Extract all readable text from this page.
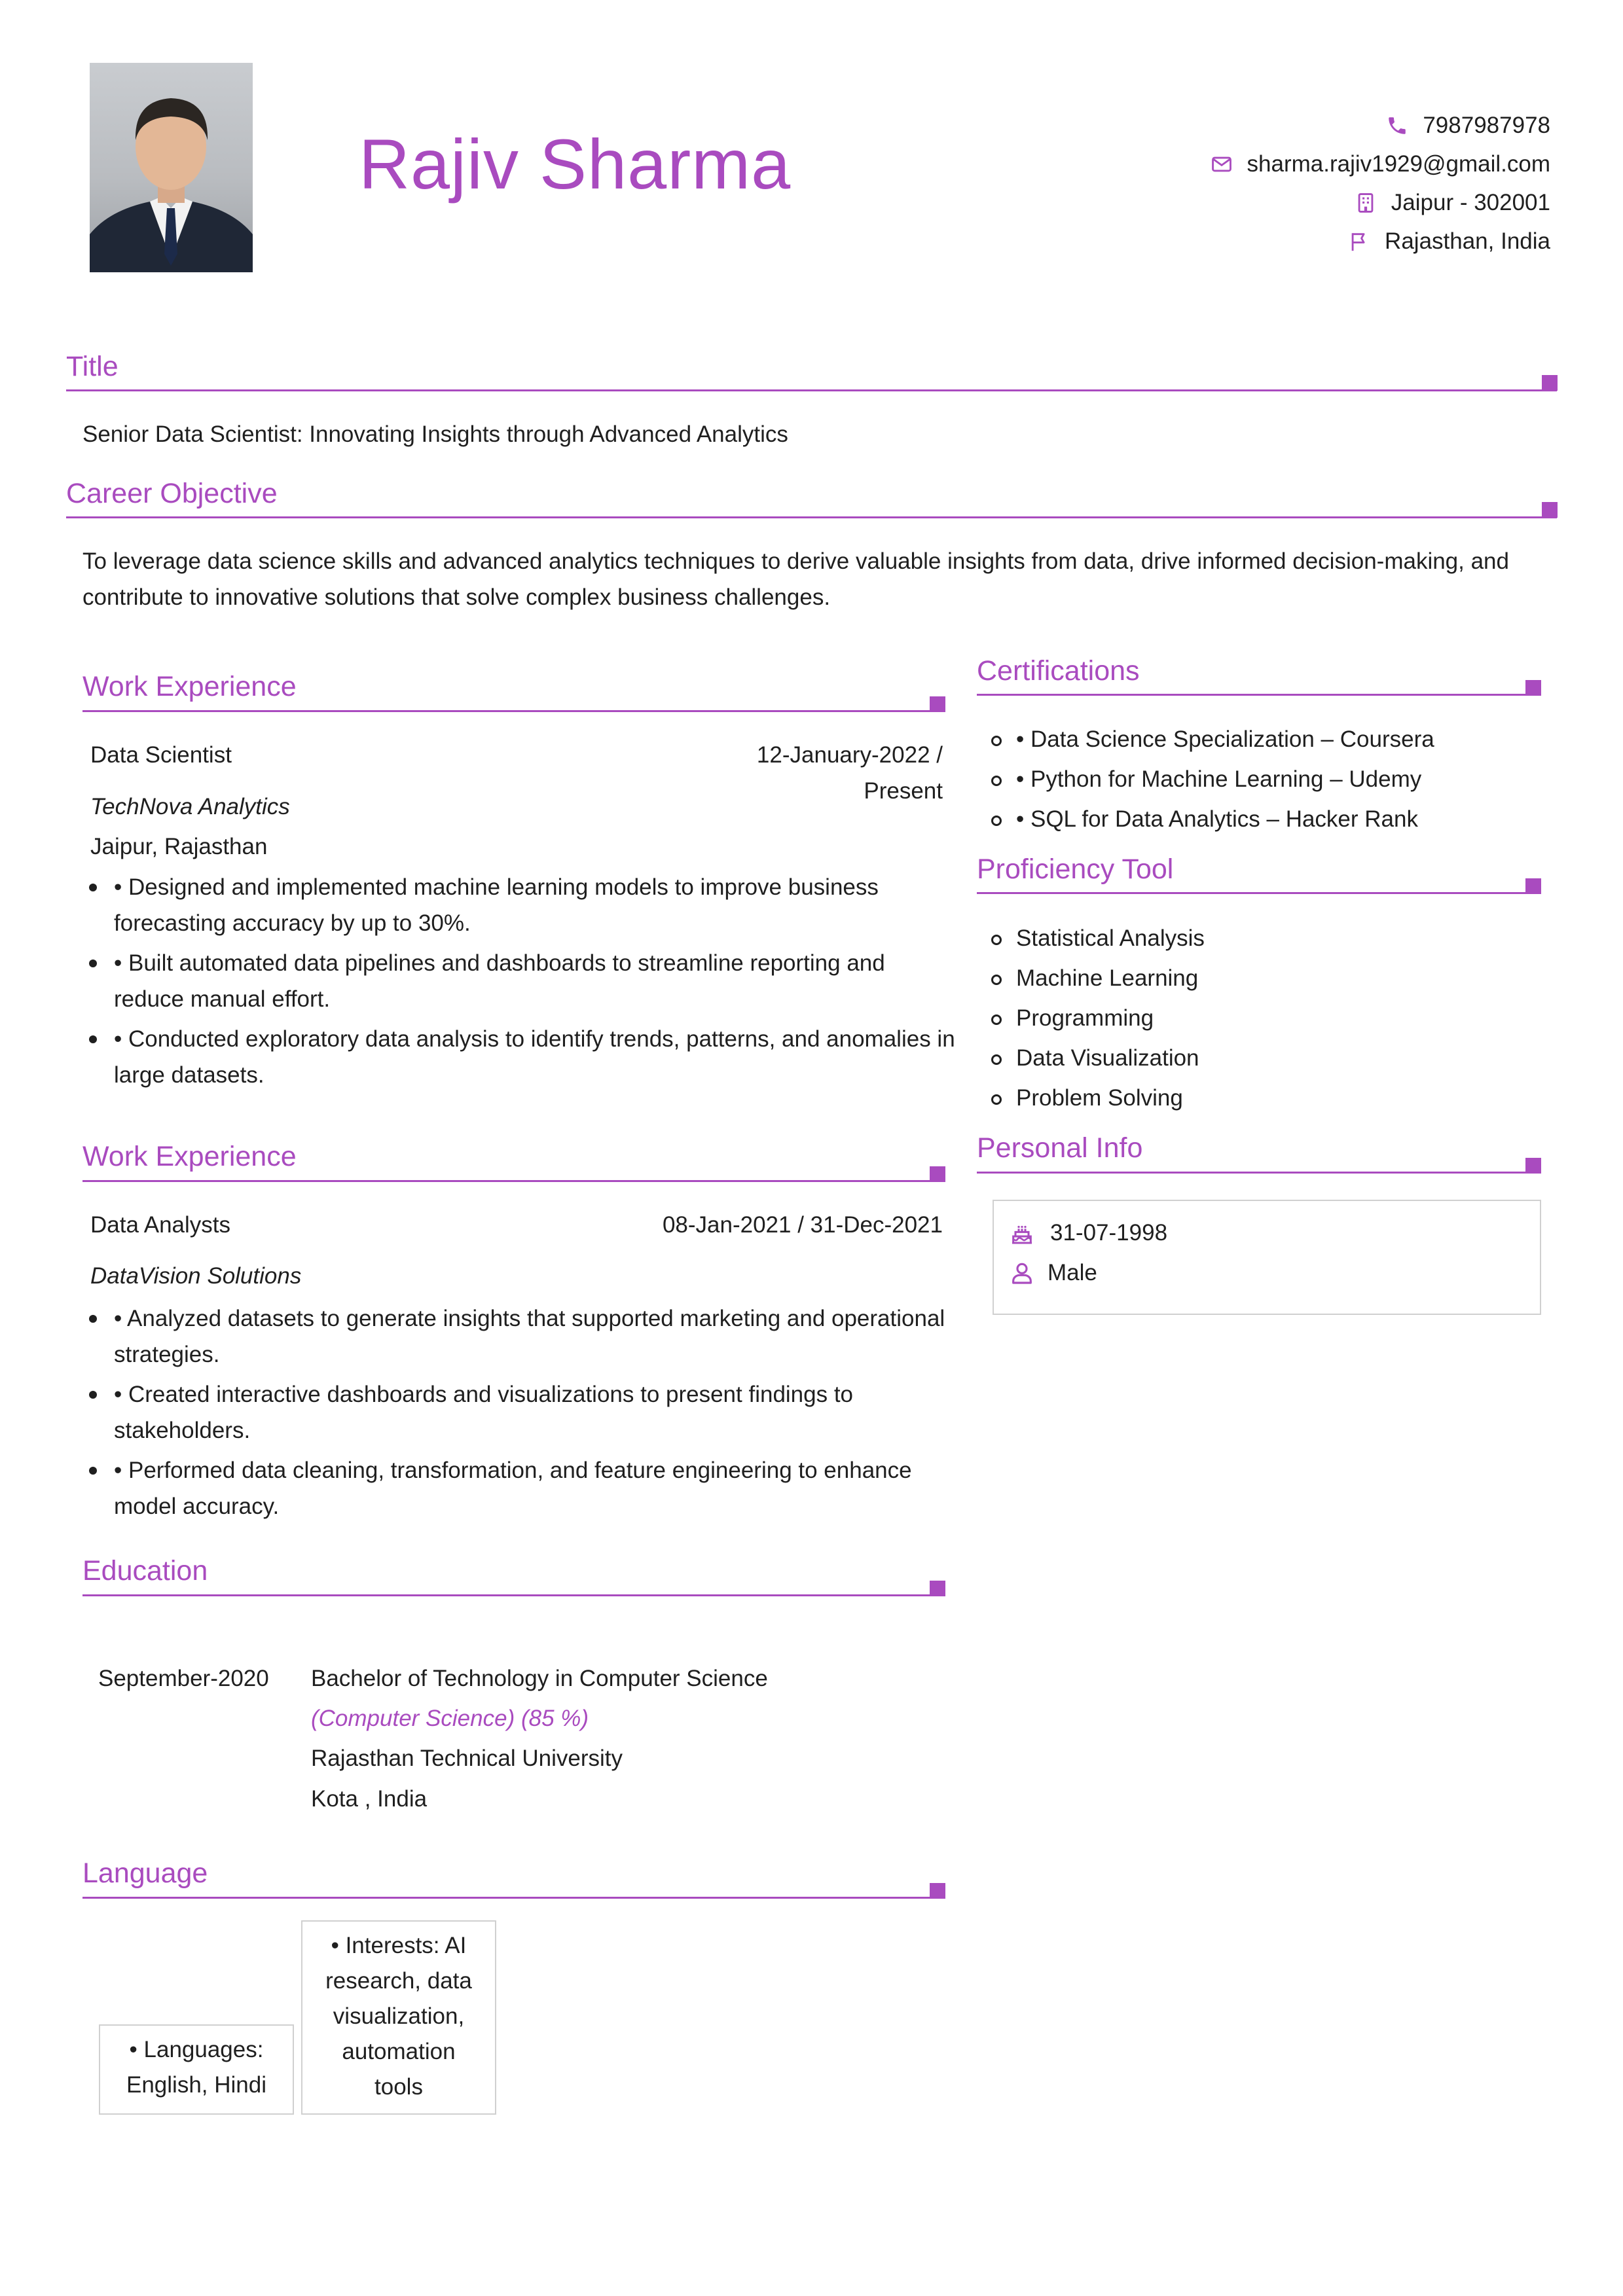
Rajiv Sharma	7987987978
sharma.rajiv1929@gmail.com
Jaipur - 302001
Rajasthan, India
Title
Senior Data Scientist: Innovating Insights through Advanced Analytics
Career Objective
To leverage data science skills and advanced analytics techniques to derive valuable insights from data, drive informed decision-making, and
contribute to innovative solutions that solve complex business challenges.
Work Experience
Data Scientist	12-January-2022 / Present
TechNova Analytics
Jaipur, Rajasthan
• Designed and implemented machine learning models to improve business
forecasting accuracy by up to 30%.
• Built automated data pipelines and dashboards to streamline reporting and
reduce manual effort.
• Conducted exploratory data analysis to identify trends, patterns, and anomalies in
large datasets.
Work Experience
Data Analysts	08-Jan-2021 / 31-Dec-2021
DataVision Solutions
• Analyzed datasets to generate insights that supported marketing and operational
strategies.
• Created interactive dashboards and visualizations to present findings to
stakeholders.
• Performed data cleaning, transformation, and feature engineering to enhance
model accuracy.
Education
September-2020 Bachelor of Technology in Computer Science
(Computer Science) (85 %)
Rajasthan Technical University
Kota , India
Language
• Languages:
English, Hindi
• Interests: AI
research, data
visualization,
automation
tools
Certifications
• Data Science Specialization – Coursera
• Python for Machine Learning – Udemy
• SQL for Data Analytics – Hacker Rank
Proficiency Tool
Statistical Analysis
Machine Learning
Programming
Data Visualization
Problem Solving
Personal Info
31-07-1998
Male
